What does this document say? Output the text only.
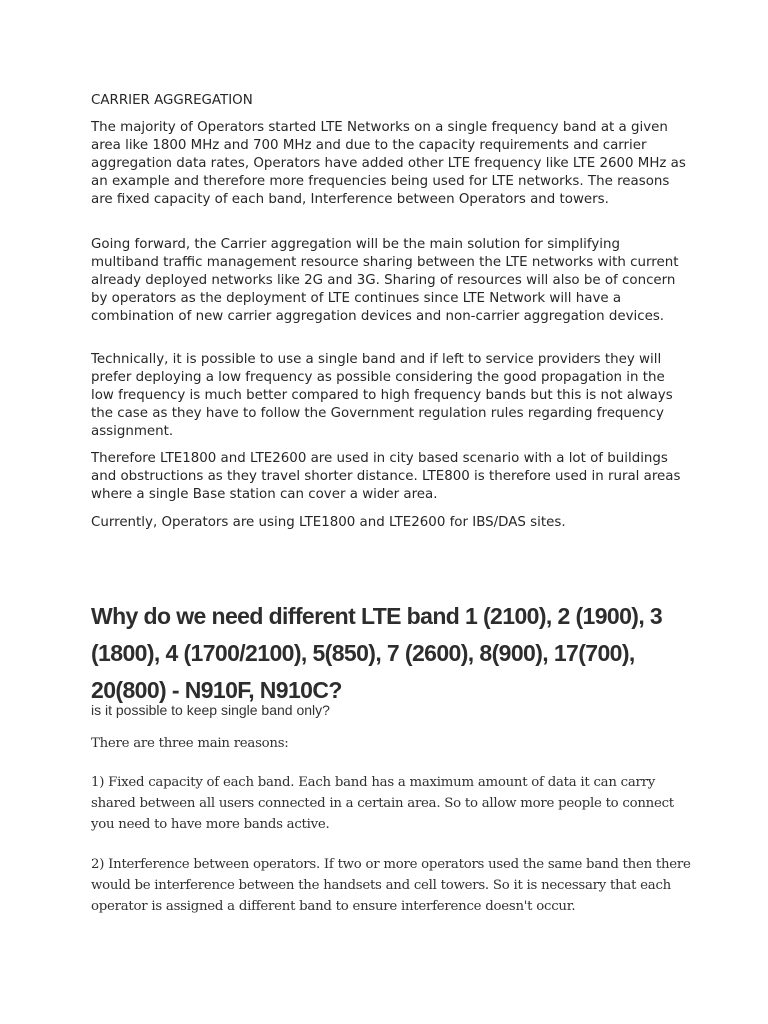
CARRIER AGGREGATION

The majority of Operators started LTE Networks on a single frequency band at a given area like 1800 MHz and 700 MHz and due to the capacity requirements and carrier aggregation data rates, Operators have added other LTE frequency like LTE 2600 MHz as an example and therefore more frequencies being used for LTE networks. The reasons are fixed capacity of each band, Interference between Operators and towers.

Going forward, the Carrier aggregation will be the main solution for simplifying multiband traffic management resource sharing between the LTE networks with current already deployed networks like 2G and 3G. Sharing of resources will also be of concern by operators as the deployment of LTE continues since LTE Network will have a combination of new carrier aggregation devices and non-carrier aggregation devices.

Technically, it is possible to use a single band and if left to service providers they will prefer deploying a low frequency as possible considering the good propagation in the low frequency is much better compared to high frequency bands but this is not always the case as they have to follow the Government regulation rules regarding frequency assignment.

Therefore LTE1800 and LTE2600 are used in city based scenario with a lot of buildings and obstructions as they travel shorter distance. LTE800 is therefore used in rural areas where a single Base station can cover a wider area.

Currently, Operators are using LTE1800 and LTE2600 for IBS/DAS sites.

Why do we need different LTE band 1 (2100), 2 (1900), 3 (1800), 4 (1700/2100), 5(850), 7 (2600), 8(900), 17(700), 20(800) - N910F, N910C?

is it possible to keep single band only?

There are three main reasons:

1) Fixed capacity of each band. Each band has a maximum amount of data it can carry shared between all users connected in a certain area. So to allow more people to connect you need to have more bands active.

2) Interference between operators. If two or more operators used the same band then there would be interference between the handsets and cell towers. So it is necessary that each operator is assigned a different band to ensure interference doesn't occur.
